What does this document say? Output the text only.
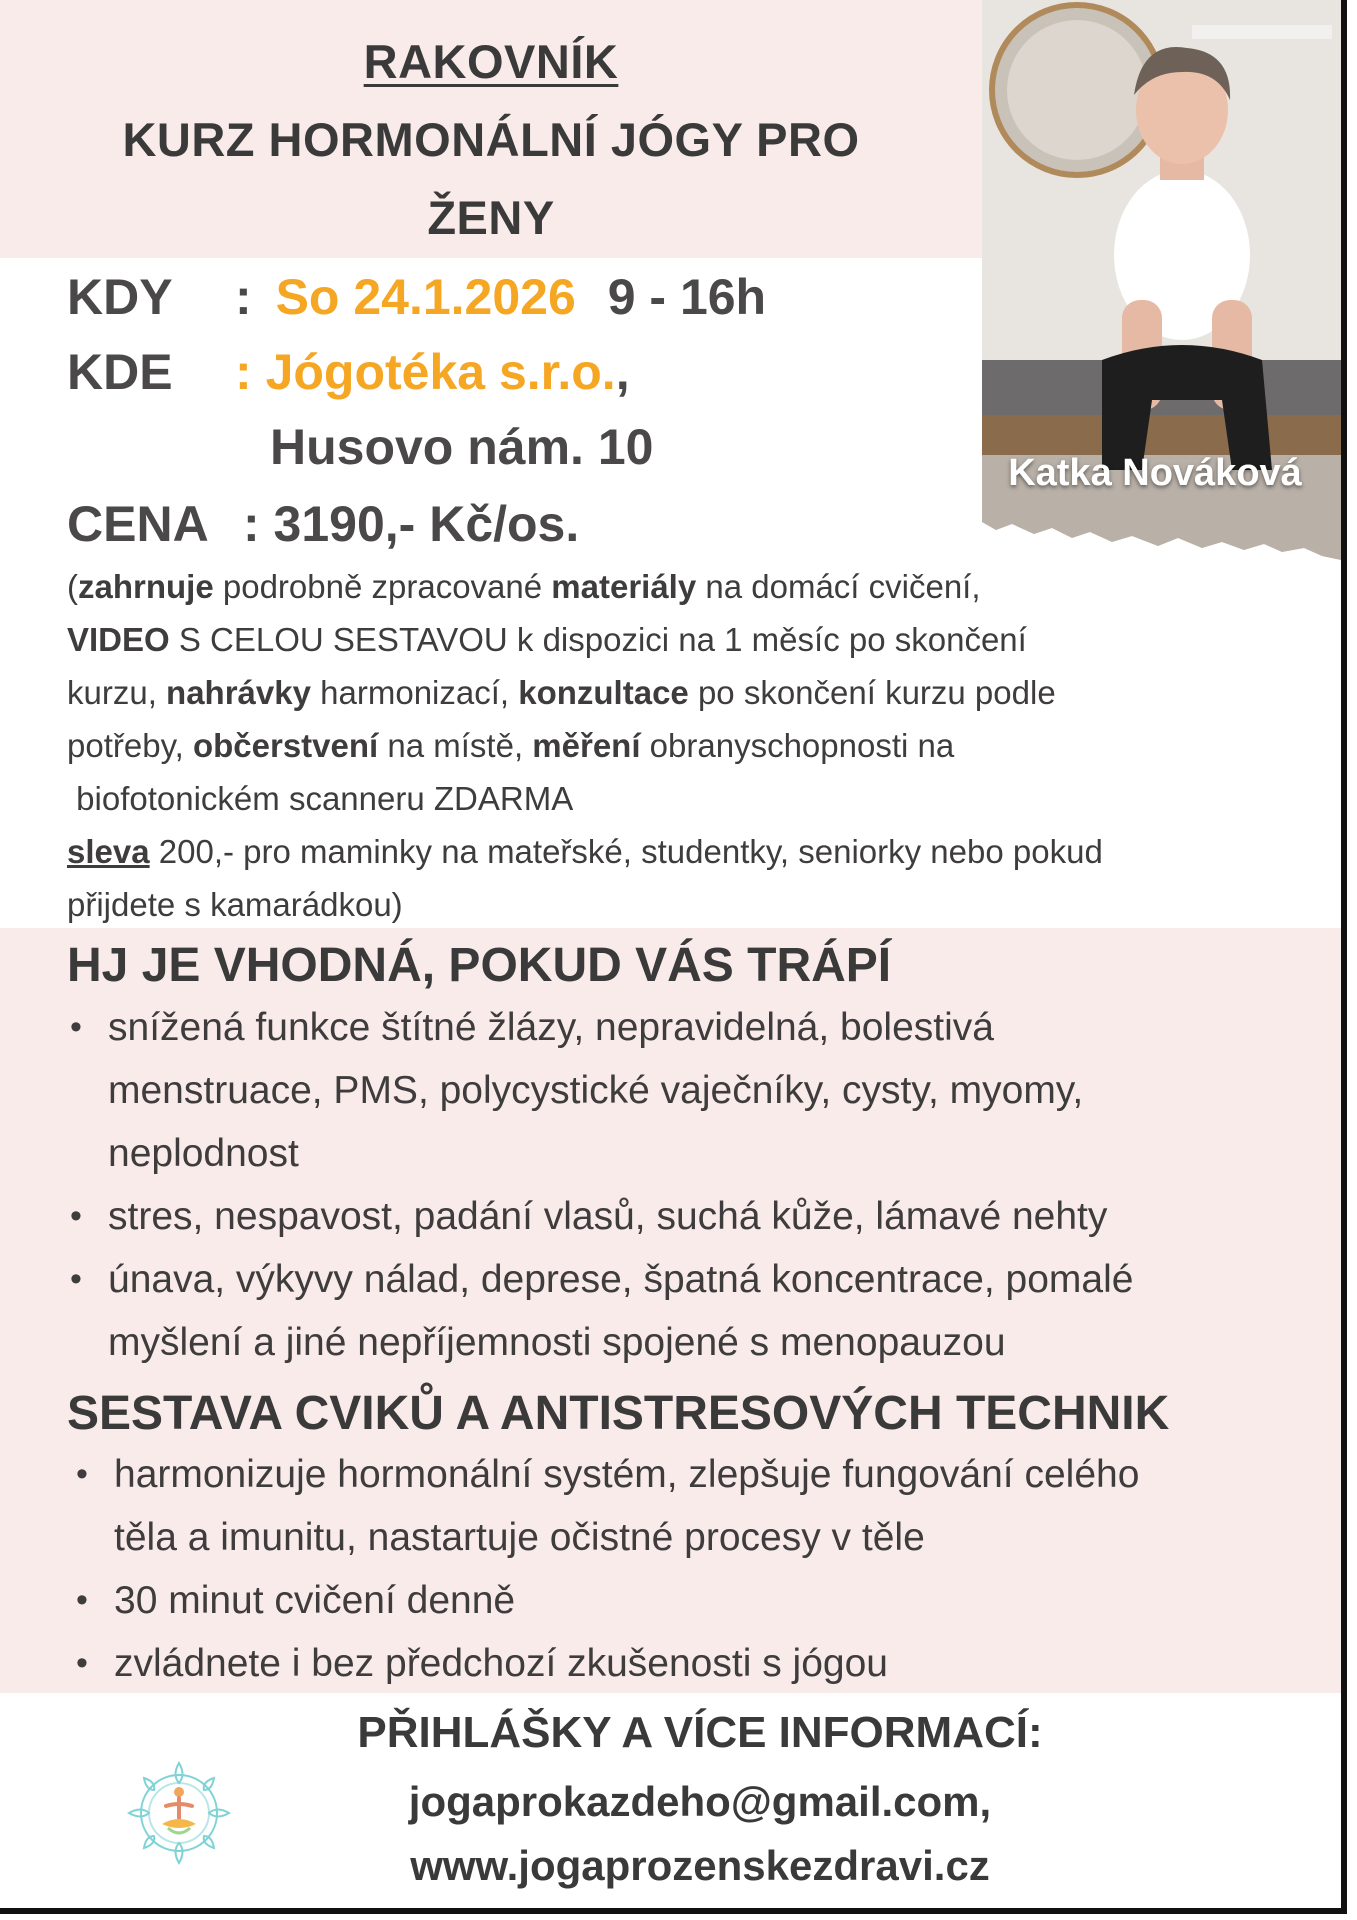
RAKOVNÍK
KURZ HORMONÁLNÍ JÓGY PRO
ŽENY
KDY : So 24.1.2026 9 - 16h
KDE : Jógotéka s.r.o.,
Husovo nám. 10
CENA : 3190,- Kč/os.
Katka Nováková
(zahrnuje podrobně zpracované materiály na domácí cvičení,
VIDEO S CELOU SESTAVOU k dispozici na 1 měsíc po skončení
kurzu, nahrávky harmonizací, konzultace po skončení kurzu podle
potřeby, občerstvení na místě, měření obranyschopnosti na
biofotonickém scanneru ZDARMA
sleva 200,- pro maminky na mateřské, studentky, seniorky nebo pokud
přijdete s kamarádkou)
HJ JE VHODNÁ, POKUD VÁS TRÁPÍ
• snížená funkce štítné žlázy, nepravidelná, bolestivá
menstruace, PMS, polycystické vaječníky, cysty, myomy,
neplodnost
• stres, nespavost, padání vlasů, suchá kůže, lámavé nehty
• únava, výkyvy nálad, deprese, špatná koncentrace, pomalé
myšlení a jiné nepříjemnosti spojené s menopauzou
SESTAVA CVIKŮ A ANTISTRESOVÝCH TECHNIK
• harmonizuje hormonální systém, zlepšuje fungování celého
těla a imunitu, nastartuje očistné procesy v těle
• 30 minut cvičení denně
• zvládnete i bez předchozí zkušenosti s jógou
PŘIHLÁŠKY A VÍCE INFORMACÍ:
jogaprokazdeho@gmail.com,
www.jogaprozenskezdravi.cz
